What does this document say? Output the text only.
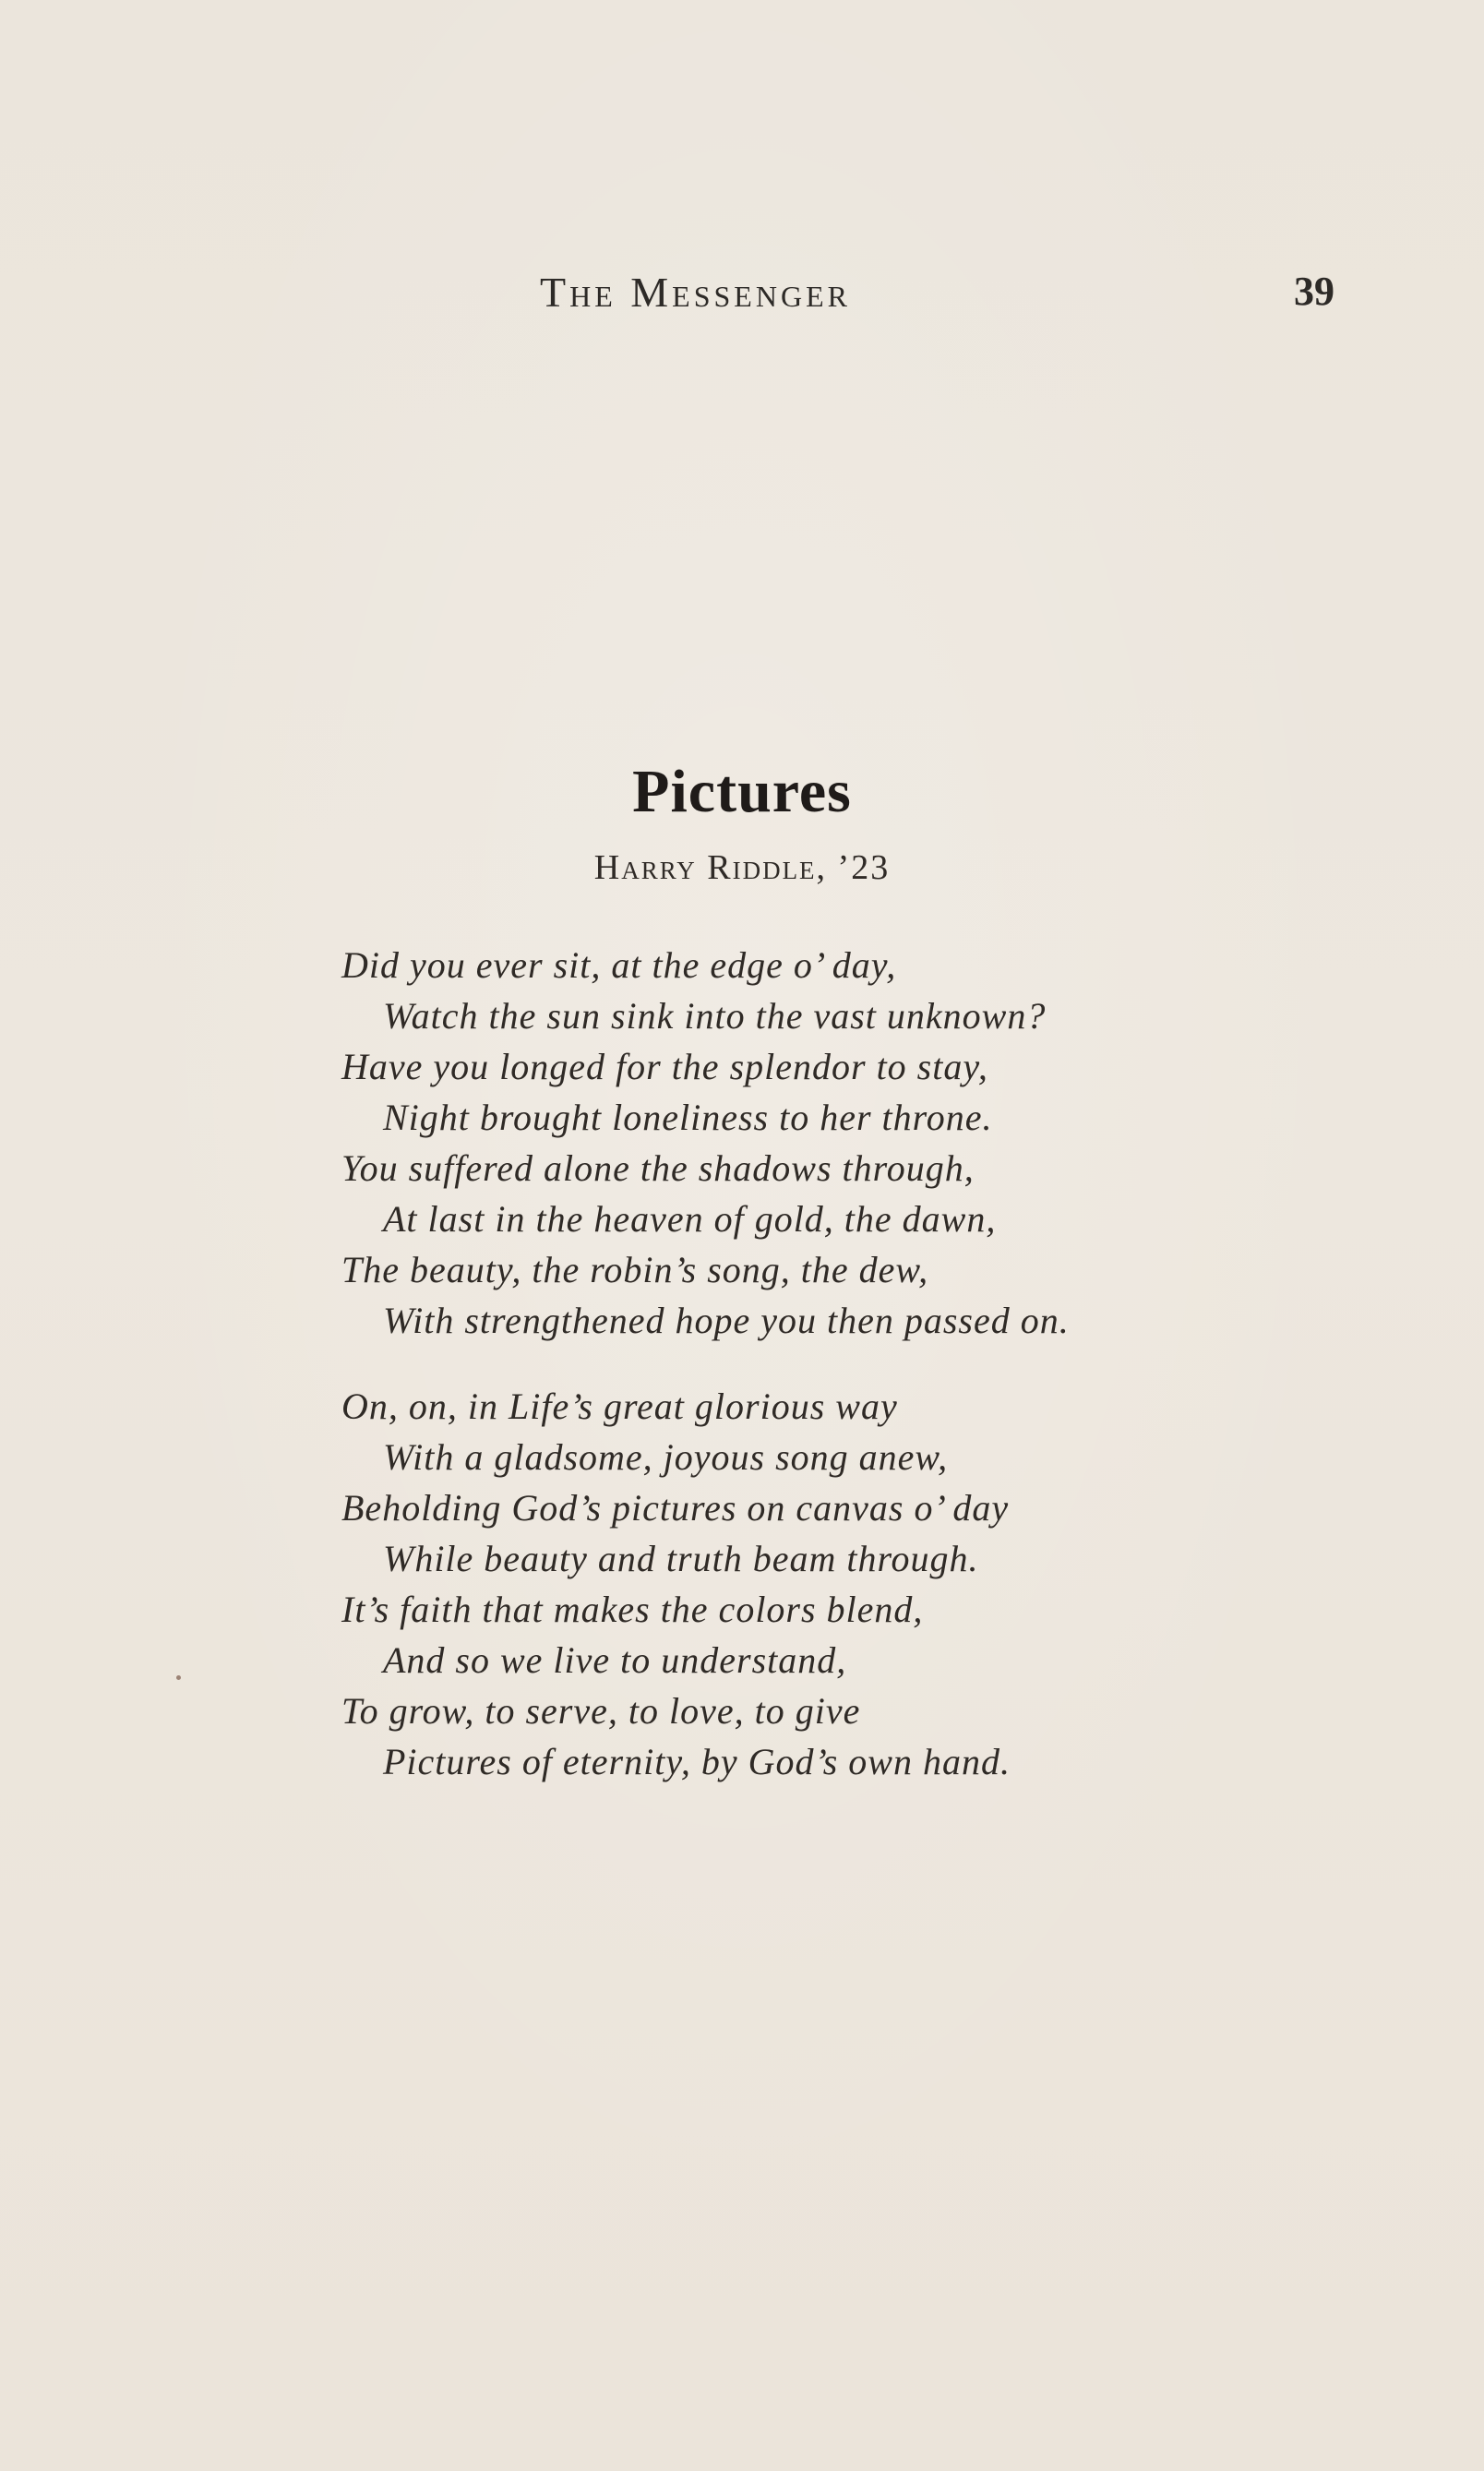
The Messenger	39
Pictures
Harry Riddle, ’23
Did you ever sit, at the edge o’ day,
Watch the sun sink into the vast unknown?
Have you longed for the splendor to stay,
Night brought loneliness to her throne.
You suffered alone the shadows through,
At last in the heaven of gold, the dawn,
The beauty, the robin’s song, the dew,
With strengthened hope you then passed on.
On, on, in Life’s great glorious way
With a gladsome, joyous song anew,
Beholding God’s pictures on canvas o’ day
While beauty and truth beam through.
It’s faith that makes the colors blend,
And so we live to understand,
To grow, to serve, to love, to give
Pictures of eternity, by God’s own hand.
